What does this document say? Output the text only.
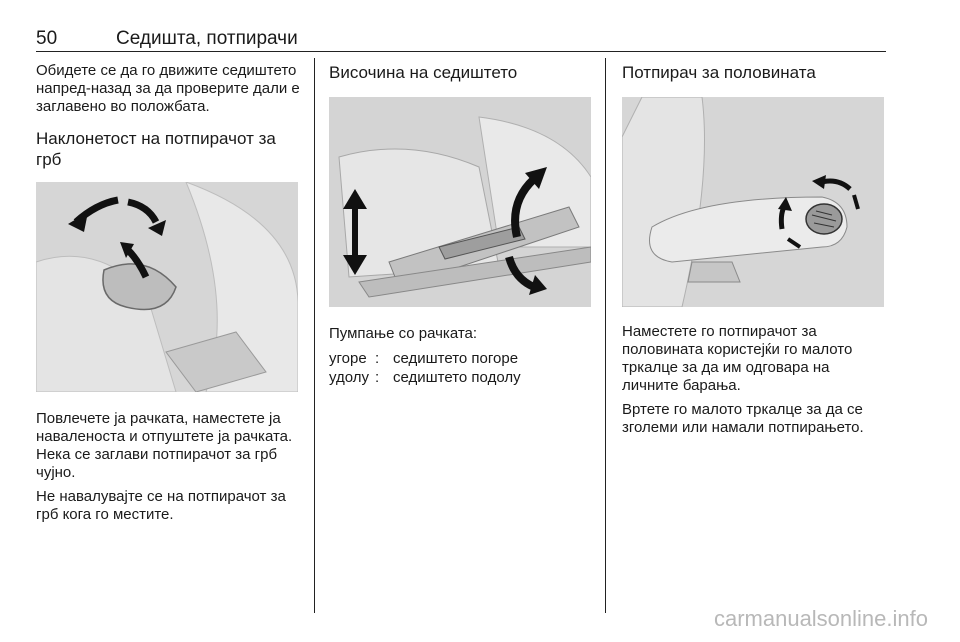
50	Седишта, потпирачи

Обидете се да го движите седиштето напред-назад за да проверите дали е заглавено во положбата.

Наклонетост на потпирачот за грб

Повлечете ја рачката, наместете ја наваленоста и отпуштете ја рачката. Нека се заглави потпирачот за грб чујно.

Не навалувајте се на потпирачот за грб кога го местите.

Височина на седиштето

Пумпање со рачката:

угоре	:	седиштето погоре
удолу	:	седиштето подолу
Потпирач за половината

Наместете го потпирачот за половината користејќи го малото тркалце за да им одговара на личните барања.

Вртете го малото тркалце за да се зголеми или намали потпирањето.

carmanualsonline.info
